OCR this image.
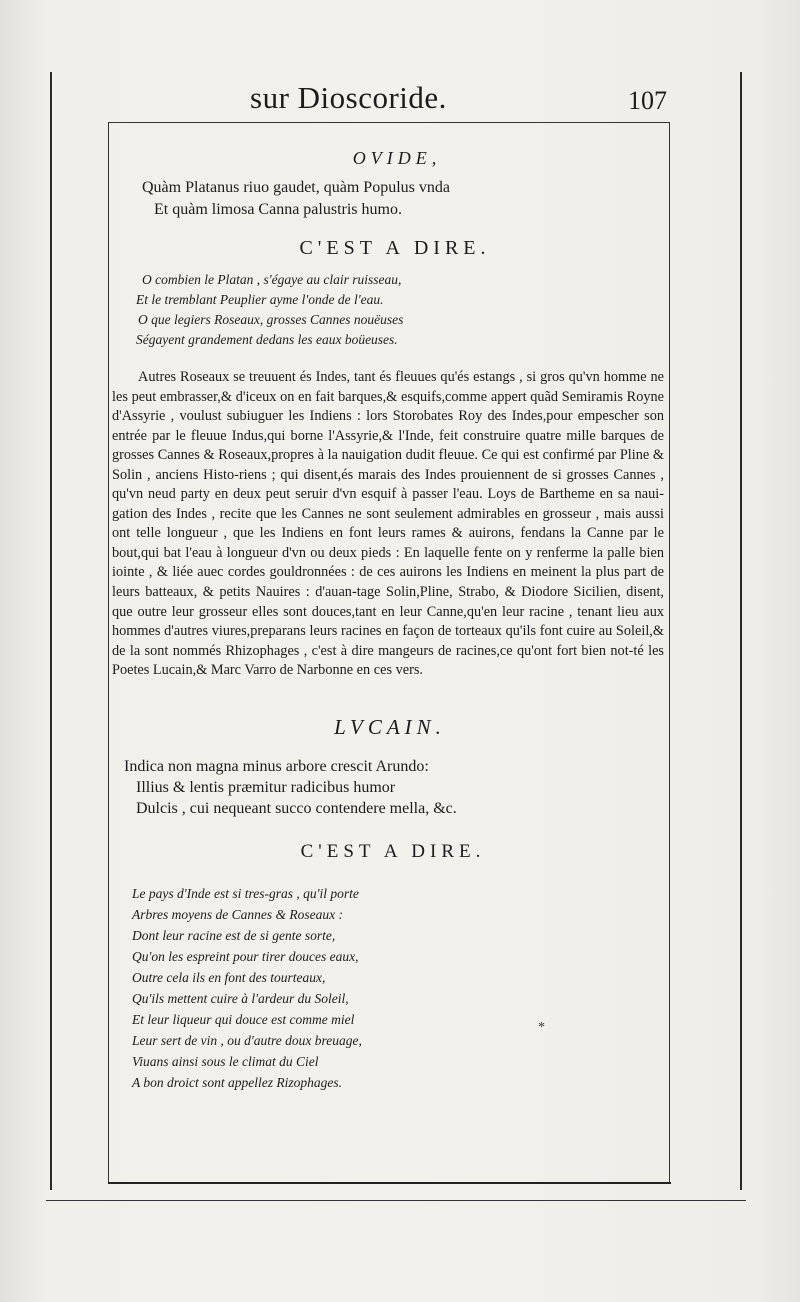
sur Dioscoride.	107

OVIDE,

Quàm Platanus riuo gaudet, quàm Populus vnda
Et quàm limosa Canna palustris humo.

C'EST A DIRE.

O combien le Platan , s'égaye au clair ruisseau,
Et le tremblant Peuplier ayme l'onde de l'eau.
O que legiers Roseaux, grosses Cannes nouëuses
Ségayent grandement dedans les eaux boüeuses.

Autres Roseaux se treuuent és Indes, tant és fleuues qu'és estangs , si gros qu'vn homme ne les peut embrasser,& d'iceux on en fait barques,& esquifs,comme appert quãd Semiramis Royne d'Assyrie , voulust subiuguer les Indiens : lors Storobates Roy des Indes,pour empescher son entrée par le fleuue Indus,qui borne l'Assyrie,& l'Inde, feit construire quatre mille barques de grosses Cannes & Roseaux,propres à la nauigation dudit fleuue. Ce qui est confirmé par Pline & Solin , anciens Histo-riens ; qui disent,és marais des Indes prouiennent de si grosses Cannes , qu'vn neud party en deux peut seruir d'vn esquif à passer l'eau. Loys de Bartheme en sa naui-gation des Indes , recite que les Cannes ne sont seulement admirables en grosseur , mais aussi ont telle longueur , que les Indiens en font leurs rames & auirons, fendans la Canne par le bout,qui bat l'eau à longueur d'vn ou deux pieds : En laquelle fente on y renferme la palle bien iointe , & liée auec cordes gouldronnées : de ces auirons les Indiens en meinent la plus part de leurs batteaux, & petits Nauires : d'auan-tage Solin,Pline, Strabo, & Diodore Sicilien, disent, que outre leur grosseur elles sont douces,tant en leur Canne,qu'en leur racine , tenant lieu aux hommes d'autres viures,preparans leurs racines en façon de torteaux qu'ils font cuire au Soleil,& de la sont nommés Rhizophages , c'est à dire mangeurs de racines,ce qu'ont fort bien not-té les Poetes Lucain,& Marc Varro de Narbonne en ces vers.

LVCAIN.

Indica non magna minus arbore crescit Arundo:
Illius & lentis præmitur radicibus humor
Dulcis , cui nequeant succo contendere mella, &c.

C'EST A DIRE.

Le pays d'Inde est si tres-gras , qu'il porte
Arbres moyens de Cannes & Roseaux :
Dont leur racine est de si gente sorte,
Qu'on les espreint pour tirer douces eaux,
Outre cela ils en font des tourteaux,
Qu'ils mettent cuire à l'ardeur du Soleil,
Et leur liqueur qui douce est comme miel
Leur sert de vin , ou d'autre doux breuage,
Viuans ainsi sous le climat du Ciel
A bon droict sont appellez Rizophages.
*
